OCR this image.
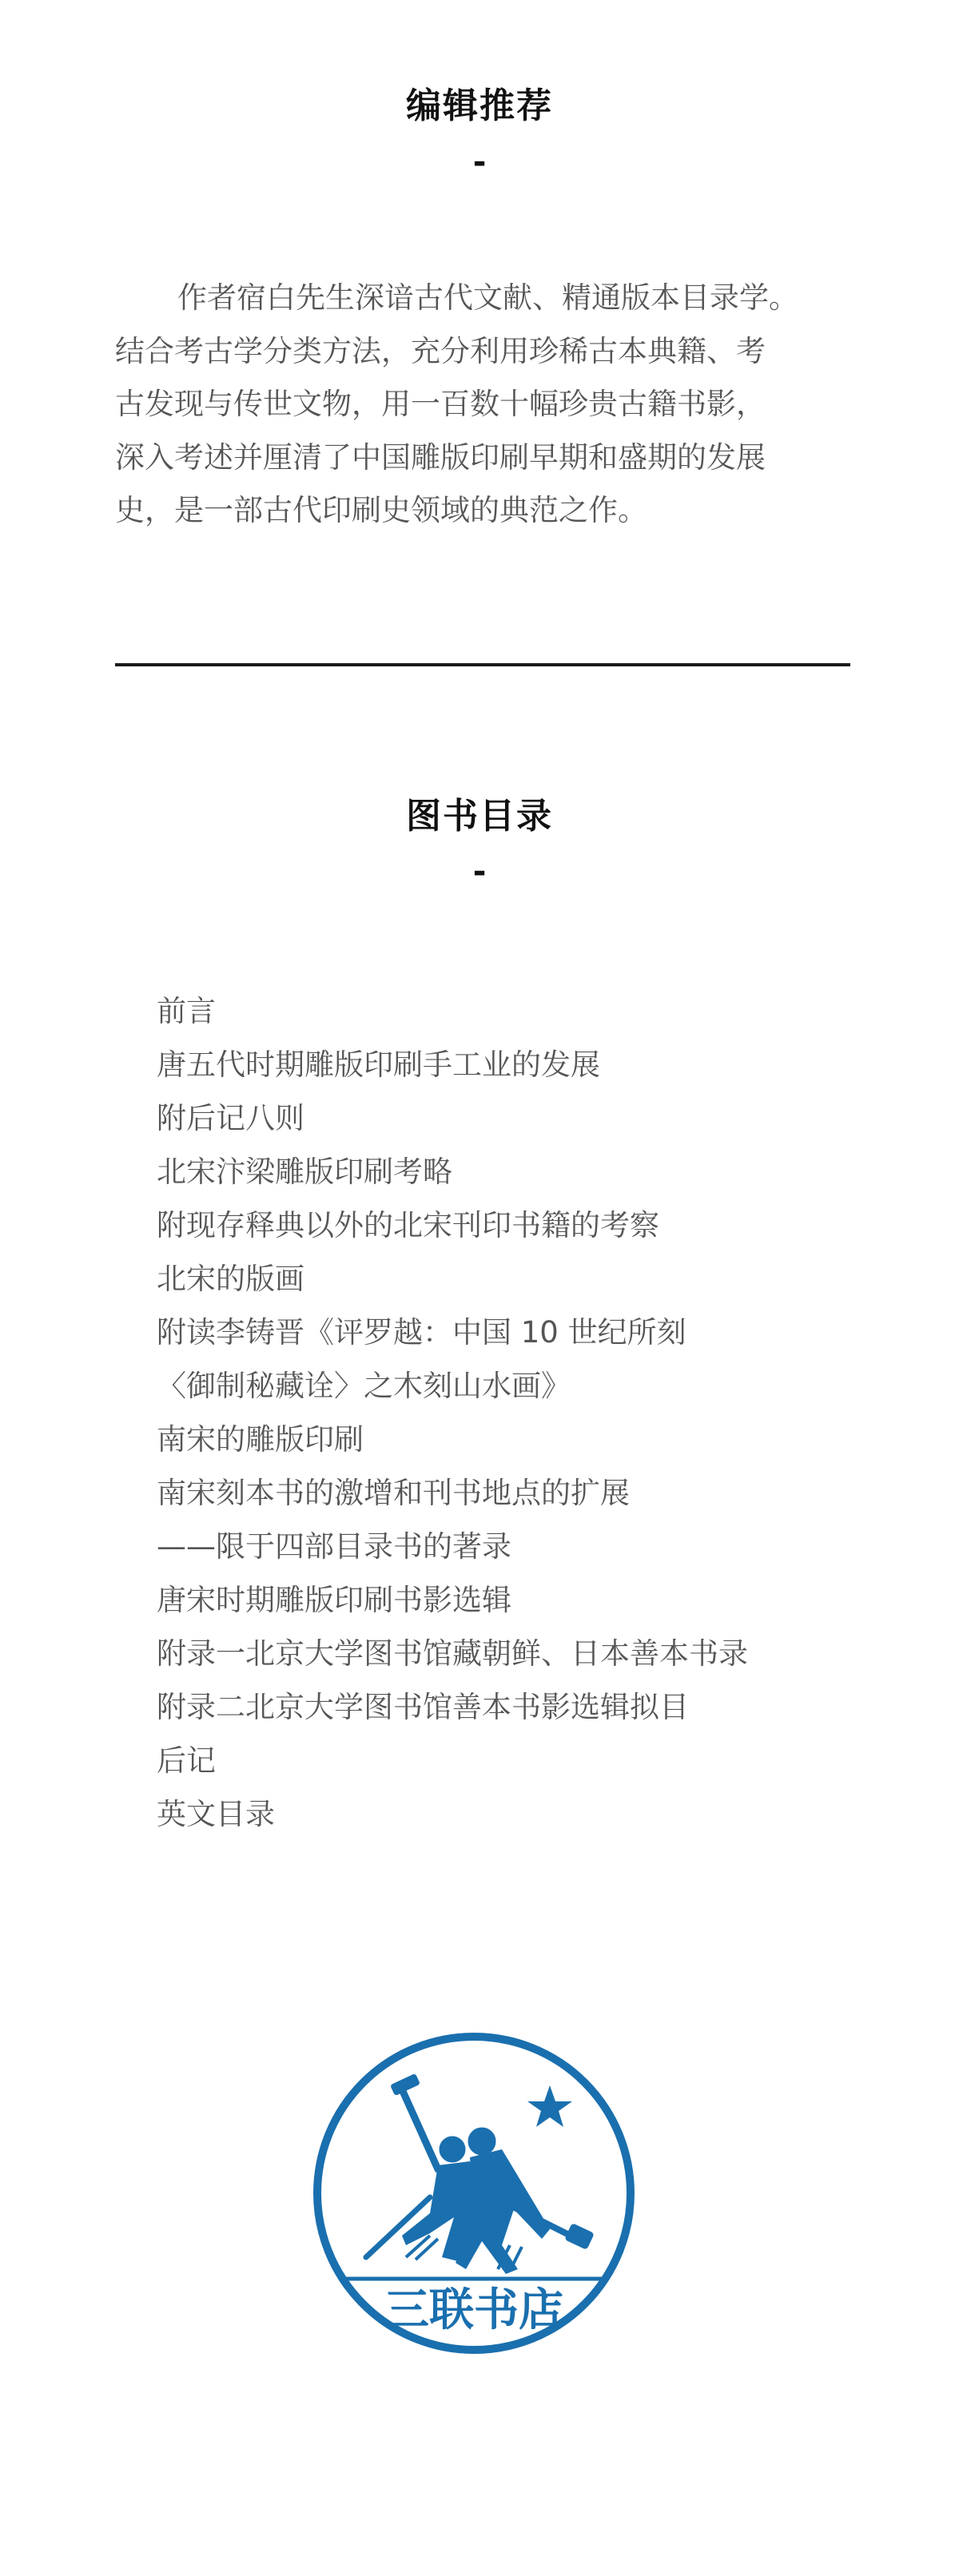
编辑推荐
-
作者宿白先生深谙古代文献、精通版本目录学。
结合考古学分类方法，充分利用珍稀古本典籍、考
古发现与传世文物，用一百数十幅珍贵古籍书影，
深入考述并厘清了中国雕版印刷早期和盛期的发展
史，是一部古代印刷史领域的典范之作。
图书目录
-
前言
唐五代时期雕版印刷手工业的发展
附后记八则
北宋汴梁雕版印刷考略
附现存释典以外的北宋刊印书籍的考察
北宋的版画
附读李铸晋《评罗越：中国 10 世纪所刻
〈御制秘藏诠〉之木刻山水画》
南宋的雕版印刷
南宋刻本书的激增和刊书地点的扩展
——限于四部目录书的著录
唐宋时期雕版印刷书影选辑
附录一北京大学图书馆藏朝鲜、日本善本书录
附录二北京大学图书馆善本书影选辑拟目
后记
英文目录
三联书店
